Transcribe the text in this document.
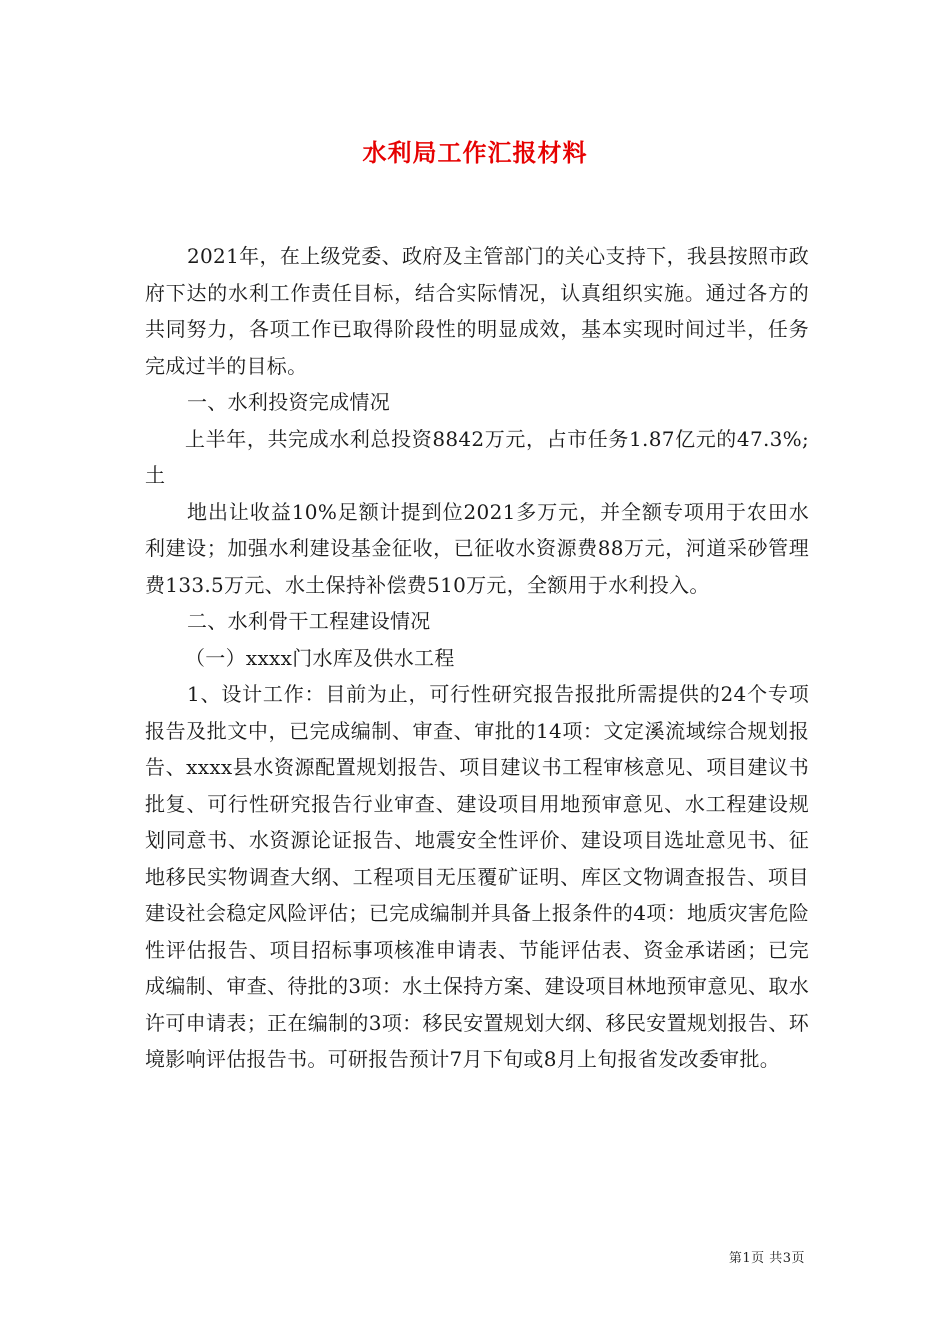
水利局工作汇报材料

2021年，在上级党委、政府及主管部门的关心支持下，我县按照市政府下达的水利工作责任目标，结合实际情况，认真组织实施。通过各方的共同努力，各项工作已取得阶段性的明显成效，基本实现时间过半，任务完成过半的目标。

一、水利投资完成情况

上半年，共完成水利总投资8842万元，占市任务1.87亿元的47.3%;土

地出让收益10%足额计提到位2021多万元，并全额专项用于农田水利建设；加强水利建设基金征收，已征收水资源费88万元，河道采砂管理费133.5万元、水土保持补偿费510万元，全额用于水利投入。

二、水利骨干工程建设情况

（一）xxxx门水库及供水工程

1、设计工作：目前为止，可行性研究报告报批所需提供的24个专项报告及批文中，已完成编制、审查、审批的14项：文定溪流域综合规划报告、xxxx县水资源配置规划报告、项目建议书工程审核意见、项目建议书批复、可行性研究报告行业审查、建设项目用地预审意见、水工程建设规划同意书、水资源论证报告、地震安全性评价、建设项目选址意见书、征地移民实物调查大纲、工程项目无压覆矿证明、库区文物调查报告、项目建设社会稳定风险评估；已完成编制并具备上报条件的4项：地质灾害危险性评估报告、项目招标事项核准申请表、节能评估表、资金承诺函；已完成编制、审查、待批的3项：水土保持方案、建设项目林地预审意见、取水许可申请表；正在编制的3项：移民安置规划大纲、移民安置规划报告、环境影响评估报告书。可研报告预计7月下旬或8月上旬报省发改委审批。

第1页 共3页
